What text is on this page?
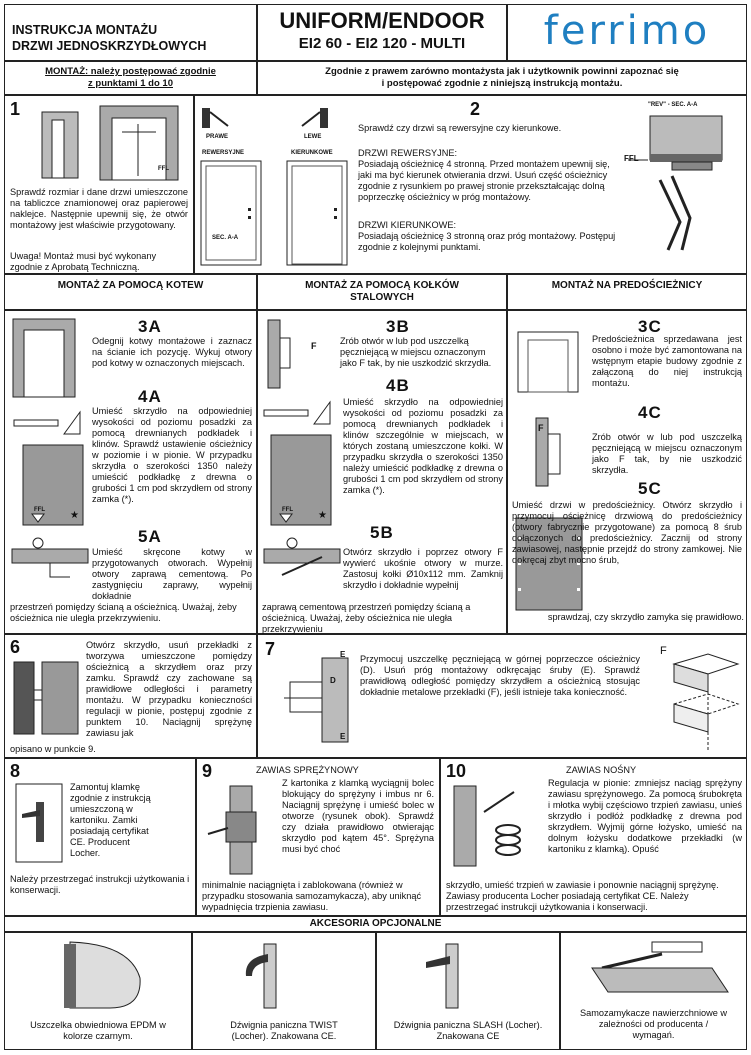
INSTRUKCJA MONTAŻU
DRZWI JEDNOSKRZYDŁOWYCH
UNIFORM/ENDOOR
EI2 60 - EI2 120 - MULTI	ferrimo
MONTAŻ: należy postępować zgodnie
z punktami 1 do 10
Zgodnie z prawem zarówno montażysta jak i użytkownik powinni zapoznać się
i postępować zgodnie z niniejszą instrukcją montażu.
1
FFL
Sprawdź rozmiar i dane drzwi umieszczone na tabliczce znamionowej oraz papierowej naklejce. Następnie upewnij się, że otwór montażowy jest właściwie przygotowany.
Uwaga! Montaż musi być wykonany zgodnie z Aprobatą Techniczną.
PRAWE	LEWE
REWERSYJNE	KIERUNKOWE
SEC. A-A
2
Sprawdź czy drzwi są rewersyjne czy kierunkowe.
DRZWI REWERSYJNE:
Posiadają ościeżnicę 4 stronną. Przed montażem upewnij się, jaki ma być kierunek otwierania drzwi. Usuń część ościeżnicy zgodnie z rysunkiem po prawej stronie przekształcając dolną poprzeczkę ościeżnicy w próg montażowy.
DRZWI KIERUNKOWE:
Posiadają ościeżnicę 3 stronną oraz próg montażowy. Postępuj zgodnie z kolejnymi punktami.
"REV" - SEC. A-A
FFL
MONTAŻ ZA POMOCĄ KOTEW	MONTAŻ ZA POMOCĄ KOŁKÓW
STALOWYCH
MONTAŻ NA PREDOŚCIEŻNICY
3A
Odegnij kotwy montażowe i zaznacz na ścianie ich pozycję. Wykuj otwory pod kotwy w oznaczonych miejscach.
4A
★
FFL
Umieść skrzydło na odpowiedniej wysokości od poziomu posadzki za pomocą drewnianych podkładek i klinów. Sprawdź ustawienie ościeżnicy w poziomie i w pionie. W przypadku skrzydła o szerokości 1350 należy umieścić podkładkę z drewna o grubości 1 cm pod skrzydłem od strony zamka (*).
5A
Umieść skręcone kotwy w przygotowanych otworach. Wypełnij otwory zaprawą cementową. Po zastygnięciu zaprawy, wypełnij dokładnie
przestrzeń pomiędzy ścianą a ościeżnicą. Uważaj, żeby ościeżnica nie uległa przekrzywieniu.
F
3B
Zrób otwór w lub pod uszczelką pęczniejącą w miejscu oznaczonym jako F tak, by nie uszkodzić skrzydła.
4B
★
FFL
Umieść skrzydło na odpowiedniej wysokości od poziomu posadzki za pomocą drewnianych podkładek i klinów szczególnie w miejscach, w których zostaną umieszczone kołki. W przypadku skrzydła o szerokości 1350 należy umieścić podkładkę z drewna o grubości 1 cm pod skrzydłem od strony zamka (*).
5B
Otwórz skrzydło i poprzez otwory F wywierć ukośnie otwory w murze. Zastosuj kołki Ø10x112 mm. Zamknij skrzydło i dokładnie wypełnij
zaprawą cementową przestrzeń pomiędzy ścianą a ościeżnicą. Uważaj, żeby ościeżnica nie uległa przekrzywieniu
3C
Predościeżnica sprzedawana jest osobno i może być zamontowana na wstępnym etapie budowy zgodnie z załączoną do niej instrukcją montażu.
4C
F
Zrób otwór w lub pod uszczelką pęczniejącą w miejscu oznaczonym jako F tak, by nie uszkodzić skrzydła.
5C
Umieść drzwi w predościeżnicy. Otwórz skrzydło i przymocuj ościeżnicę drzwiową do predościeżnicy (otwory fabrycznie przygotowane) za pomocą 8 śrub dołączonych do predościeżnicy. Zacznij od strony zawiasowej, następnie przejdź do strony zamkowej. Nie dokręcaj zbyt mocno śrub,
sprawdzaj, czy skrzydło zamyka się prawidłowo.
6	Otwórz skrzydło, usuń przekładki z tworzywa umieszczone pomiędzy ościeżnicą a skrzydłem oraz przy zamku. Sprawdź czy zachowane są prawidłowe odległości i parametry montażu. W przypadku konieczności regulacji w pionie, postępuj zgodnie z punktem 10. Naciągnij sprężynę zawiasu jak
opisano w punkcie 9.
7	E
D
E
Przymocuj uszczelkę pęczniejącą w górnej poprzeczce ościeżnicy (D). Usuń próg montażowy odkręcając śruby (E). Sprawdź prawidłową odległość pomiędzy skrzydłem a ościeżnicą stosując dokładnie metalowe przekładki (F), jeśli istnieje taka konieczność.
F
8
Zamontuj klamkę zgodnie z instrukcją umieszczoną w kartoniku. Zamki posiadają certyfikat CE. Producent Locher.
Należy przestrzegać instrukcji użytkowania i konserwacji.
9	ZAWIAS SPRĘŻYNOWY
Z kartonika z klamką wyciągnij bolec blokujący do sprężyny i imbus nr 6. Naciągnij sprężynę i umieść bolec w otworze (rysunek obok). Sprawdź czy działa prawidłowo otwierając skrzydło pod kątem 45°. Sprężyna musi być choć
minimalnie naciągnięta i zablokowana (również w przypadku stosowania samozamykacza), aby uniknąć wypadnięcia trzpienia zawiasu.
10	ZAWIAS NOŚNY
Regulacja w pionie: zmniejsz naciąg sprężyny zawiasu sprężynowego. Za pomocą śrubokręta i młotka wybij częściowo trzpień zawiasu, unieś skrzydło i podłóż podkładkę z drewna pod skrzydłem. Wyjmij górne łożysko, umieść na dolnym łożysku dodatkowe przekładki (w kartoniku z klamką). Opuść
skrzydło, umieść trzpień w zawiasie i ponownie naciągnij sprężynę. Zawiasy producenta Locher posiadają certyfikat CE. Należy przestrzegać instrukcji użytkowania i konserwacji.
AKCESORIA OPCJONALNE
Uszczelka obwiedniowa EPDM w
kolorze czarnym.
Dźwignia paniczna TWIST
(Locher). Znakowana CE.
Dźwignia paniczna SLASH (Locher).
Znakowana CE
Samozamykacze nawierzchniowe w
zależności od producenta /
wymagań.
